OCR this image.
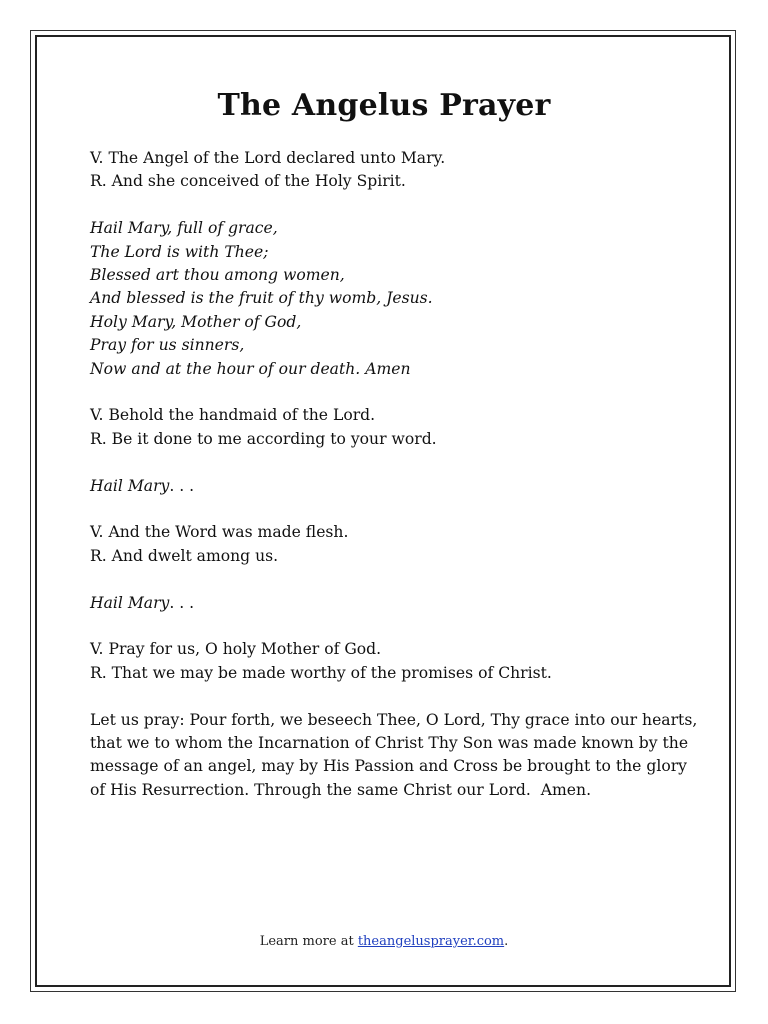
The Angelus Prayer
V. The Angel of the Lord declared unto Mary.
R. And she conceived of the Holy Spirit.
Hail Mary, full of grace,
The Lord is with Thee;
Blessed art thou among women,
And blessed is the fruit of thy womb, Jesus.
Holy Mary, Mother of God,
Pray for us sinners,
Now and at the hour of our death. Amen
V. Behold the handmaid of the Lord.
R. Be it done to me according to your word.
Hail Mary. . .
V. And the Word was made flesh.
R. And dwelt among us.
Hail Mary. . .
V. Pray for us, O holy Mother of God.
R. That we may be made worthy of the promises of Christ.
Let us pray: Pour forth, we beseech Thee, O Lord, Thy grace into our hearts,
that we to whom the Incarnation of Christ Thy Son was made known by the
message of an angel, may by His Passion and Cross be brought to the glory
of His Resurrection. Through the same Christ our Lord.  Amen.
Learn more at theangelusprayer.com.
